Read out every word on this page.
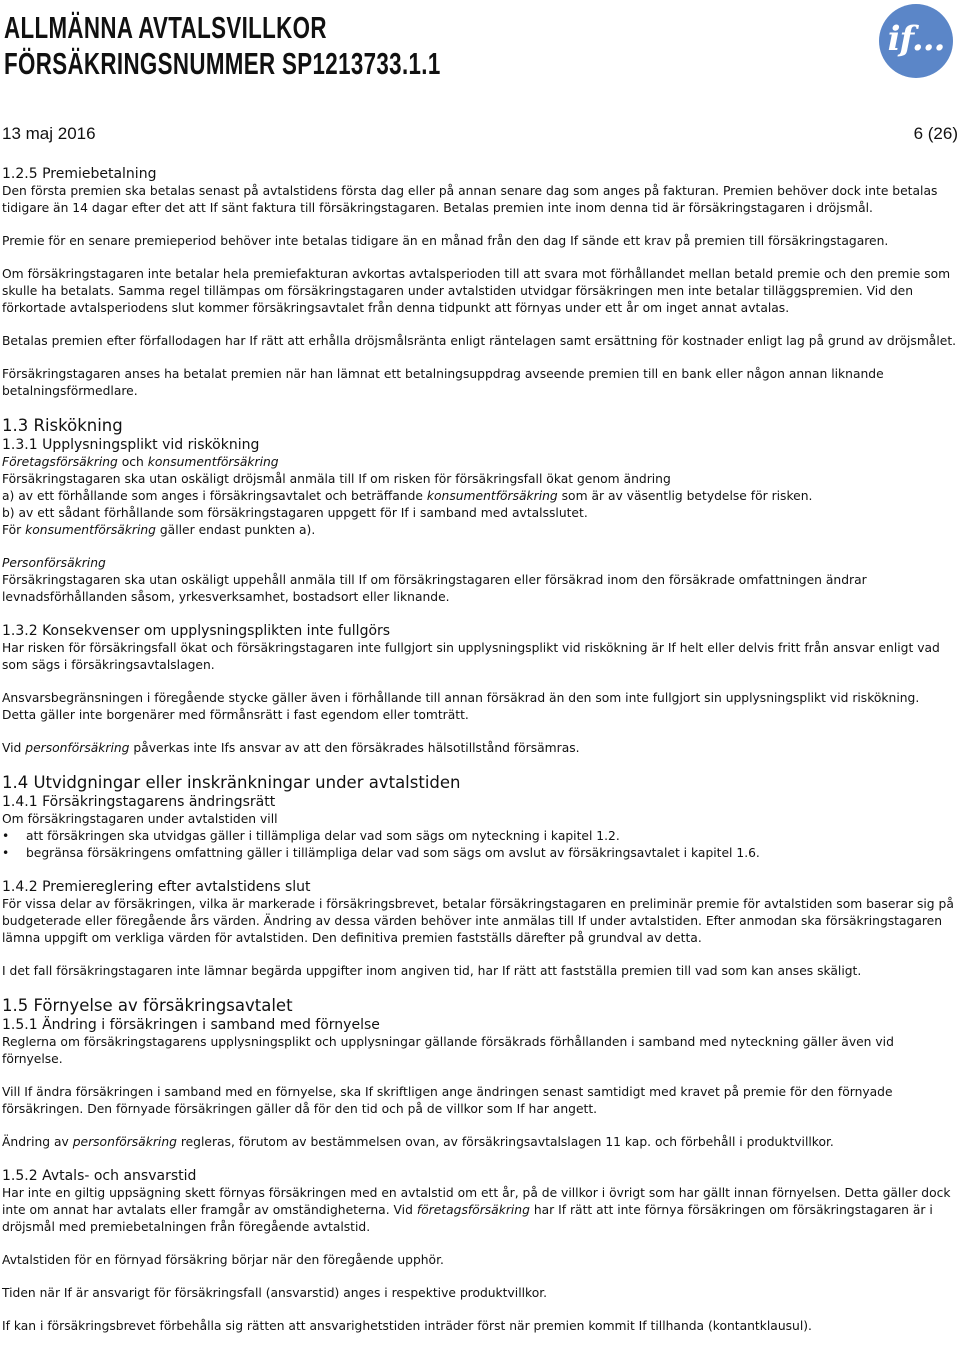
ALLMÄNNA AVTALSVILLKOR
FÖRSÄKRINGSNUMMER SP1213733.1.1
if...
13 maj 2016	6 (26)
1.2.5 Premiebetalning

Den första premien ska betalas senast på avtalstidens första dag eller på annan senare dag som anges på fakturan. Premien behöver dock inte betalas tidigare än 14 dagar efter det att If sänt faktura till försäkringstagaren. Betalas premien inte inom denna tid är försäkringstagaren i dröjsmål.

Premie för en senare premieperiod behöver inte betalas tidigare än en månad från den dag If sände ett krav på premien till försäkringstagaren.

Om försäkringstagaren inte betalar hela premiefakturan avkortas avtalsperioden till att svara mot förhållandet mellan betald premie och den premie som skulle ha betalats. Samma regel tillämpas om försäkringstagaren under avtalstiden utvidgar försäkringen men inte betalar tilläggspremien. Vid den förkortade avtalsperiodens slut kommer försäkringsavtalet från denna tidpunkt att förnyas under ett år om inget annat avtalas.

Betalas premien efter förfallodagen har If rätt att erhålla dröjsmålsränta enligt räntelagen samt ersättning för kostnader enligt lag på grund av dröjsmålet.

Försäkringstagaren anses ha betalat premien när han lämnat ett betalningsuppdrag avseende premien till en bank eller någon annan liknande betalningsförmedlare.

1.3 Riskökning
1.3.1 Upplysningsplikt vid riskökning

Företagsförsäkring och konsumentförsäkring

Försäkringstagaren ska utan oskäligt dröjsmål anmäla till If om risken för försäkringsfall ökat genom ändring

a) av ett förhållande som anges i försäkringsavtalet och beträffande konsumentförsäkring som är av väsentlig betydelse för risken.

b) av ett sådant förhållande som försäkringstagaren uppgett för If i samband med avtalsslutet.

För konsumentförsäkring gäller endast punkten a).

Personförsäkring

Försäkringstagaren ska utan oskäligt uppehåll anmäla till If om försäkringstagaren eller försäkrad inom den försäkrade omfattningen ändrar levnadsförhållanden såsom, yrkesverksamhet, bostadsort eller liknande.

1.3.2 Konsekvenser om upplysningsplikten inte fullgörs

Har risken för försäkringsfall ökat och försäkringstagaren inte fullgjort sin upplysningsplikt vid riskökning är If helt eller delvis fritt från ansvar enligt vad som sägs i försäkringsavtalslagen.

Ansvarsbegränsningen i föregående stycke gäller även i förhållande till annan försäkrad än den som inte fullgjort sin upplysningsplikt vid riskökning. Detta gäller inte borgenärer med förmånsrätt i fast egendom eller tomträtt.

Vid personförsäkring påverkas inte Ifs ansvar av att den försäkrades hälsotillstånd försämras.

1.4 Utvidgningar eller inskränkningar under avtalstiden
1.4.1 Försäkringstagarens ändringsrätt

Om försäkringstagaren under avtalstiden vill

• att försäkringen ska utvidgas gäller i tillämpliga delar vad som sägs om nyteckning i kapitel 1.2.
• begränsa försäkringens omfattning gäller i tillämpliga delar vad som sägs om avslut av försäkringsavtalet i kapitel 1.6.
1.4.2 Premiereglering efter avtalstidens slut

För vissa delar av försäkringen, vilka är markerade i försäkringsbrevet, betalar försäkringstagaren en preliminär premie för avtalstiden som baserar sig på budgeterade eller föregående års värden. Ändring av dessa värden behöver inte anmälas till If under avtalstiden. Efter anmodan ska försäkringstagaren lämna uppgift om verkliga värden för avtalstiden. Den definitiva premien fastställs därefter på grundval av detta.

I det fall försäkringstagaren inte lämnar begärda uppgifter inom angiven tid, har If rätt att fastställa premien till vad som kan anses skäligt.

1.5 Förnyelse av försäkringsavtalet
1.5.1 Ändring i försäkringen i samband med förnyelse

Reglerna om försäkringstagarens upplysningsplikt och upplysningar gällande försäkrads förhållanden i samband med nyteckning gäller även vid förnyelse.

Vill If ändra försäkringen i samband med en förnyelse, ska If skriftligen ange ändringen senast samtidigt med kravet på premie för den förnyade försäkringen. Den förnyade försäkringen gäller då för den tid och på de villkor som If har angett.

Ändring av personförsäkring regleras, förutom av bestämmelsen ovan, av försäkringsavtalslagen 11 kap. och förbehåll i produktvillkor.

1.5.2 Avtals- och ansvarstid

Har inte en giltig uppsägning skett förnyas försäkringen med en avtalstid om ett år, på de villkor i övrigt som har gällt innan förnyelsen. Detta gäller dock inte om annat har avtalats eller framgår av omständigheterna. Vid företagsförsäkring har If rätt att inte förnya försäkringen om försäkringstagaren är i dröjsmål med premiebetalningen från föregående avtalstid.

Avtalstiden för en förnyad försäkring börjar när den föregående upphör.

Tiden när If är ansvarigt för försäkringsfall (ansvarstid) anges i respektive produktvillkor.

If kan i försäkringsbrevet förbehålla sig rätten att ansvarighetstiden inträder först när premien kommit If tillhanda (kontantklausul).
